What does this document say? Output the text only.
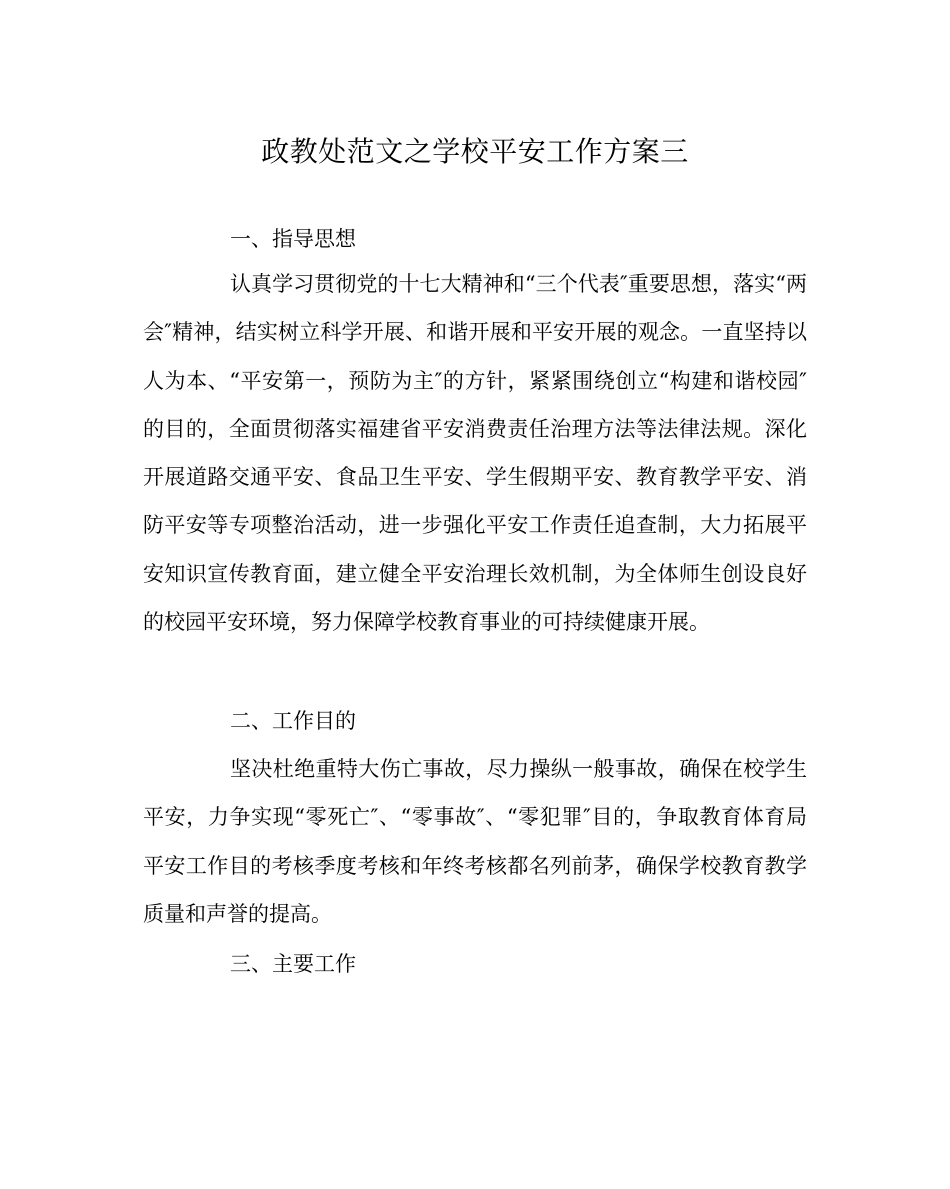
政教处范文之学校平安工作方案三
一、指导思想
认真学习贯彻党的十七大精神和“三个代表″重要思想，落实“两会″精神，结实树立科学开展、和谐开展和平安开展的观念。一直坚持以人为本、“平安第一，预防为主″的方针，紧紧围绕创立“构建和谐校园″的目的，全面贯彻落实福建省平安消费责任治理方法等法律法规。深化开展道路交通平安、食品卫生平安、学生假期平安、教育教学平安、消防平安等专项整治活动，进一步强化平安工作责任追查制，大力拓展平安知识宣传教育面，建立健全平安治理长效机制，为全体师生创设良好的校园平安环境，努力保障学校教育事业的可持续健康开展。
二、工作目的
坚决杜绝重特大伤亡事故，尽力操纵一般事故，确保在校学生平安，力争实现“零死亡″、“零事故″、“零犯罪″目的，争取教育体育局平安工作目的考核季度考核和年终考核都名列前茅，确保学校教育教学质量和声誉的提高。
三、主要工作
